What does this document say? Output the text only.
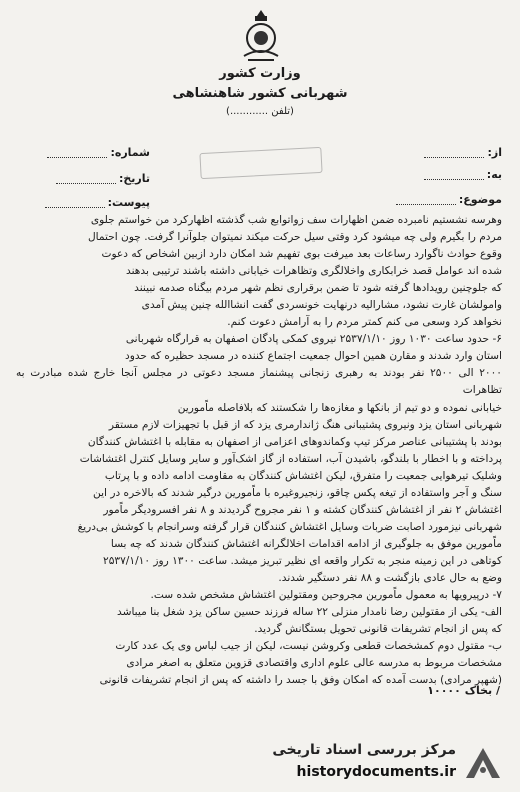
وزارت کشور
شهربانی کشور شاهنشاهی
(تلفن ............)
از:
به:
موضوع:
شماره:
تاریخ:
پیوست:

وهرسه نشستیم نامبرده ضمن اظهارات سف زواتوابع شب گذشته اظهارکرد من خواستم جلوی

مردم را بگیرم ولی چه میشود کرد وقتی سیل حرکت میکند نمیتوان جلوآنرا گرفت. چون احتمال

وقوع حوادث ناگوارد رساعات بعد میرفت بوی تفهیم شد امکان دارد ازبین اشخاص که دعوت

شده اند عوامل قصد خرابکاری واخلالگری وتظاهرات خیابانی داشته باشند ترتیبی بدهند

که جلوچنین رویدادها گرفته شود تا ضمن برقراری نظم شهر مردم بیگناه صدمه نبینند

وامولشان غارت نشود، مشارالیه درنهایت خونسردی گفت انشاالله چنین پیش آمدی

نخواهد کرد وسعی می کنم کمتر مردم را به آرامش دعوت کنم.

۶- حدود ساعت ۱۰۳۰ روز ۲۵۳۷/۱/۱۰ نیروی کمکی پادگان اصفهان به قرارگاه شهربانی

استان وارد شدند و مقارن همین احوال جمعیت اجتماع کننده در مسجد حظیره که حدود

۲۰۰۰ الی ۲۵۰۰ نفر بودند به رهبری زنجانی پیشنماز مسجد دعوتی در مجلس آنجا خارج شده مبادرت به تظاهرات

خیابانی نموده و دو تیم از بانکها و مغازه‌ها را شکستند که بلافاصله ماًمورین

شهربانی استان یزد ونیروی پشتیبانی هنگ ژاندارمری یزد که از قبل با تجهیزات لازم مستقر

بودند با پشتیبانی عناصر مرکز تیپ وکماندوهای اعزامی از اصفهان به مقابله با اغتشاش کنندگان

پرداخته و با اخطار با بلندگو، باشیدن آب، استفاده از گاز اشک‌آور و سایر وسایل کنترل اغتشاشات

وشلیک تیرهوایی جمعیت را متفرق، لیکن اغتشاش کنندگان به مقاومت ادامه داده و با پرتاب

سنگ و آجر واستفاده از تیغه پکس چاقو، زنجیروغیره با ماًمورین درگیر شدند که بالاخره در این

اغتشاش ۲ نفر از اغتشاش کنندگان کشته و ۱ نفر مجروح گردیدند و ۸ نفر افسرودیگر ماًمور

شهربانی نیزمورد اصابت ضربات وسایل اغتشاش کنندگان قرار گرفته وسرانجام با کوشش بی‌دریغ

ماًمورین موفق به جلوگیری از ادامه اقدامات اخلالگرانه اغتشاش کنندگان شدند که چه بسا

کوتاهی در این زمینه منجر به تکرار واقعه ای نظیر تبریز میشد. ساعت ۱۳۰۰ روز ۲۵۳۷/۱/۱۰

وضع به حال عادی بازگشت و ۸۸ نفر دستگیر شدند.

۷- درپیرویها به معمول ماًمورین مجروحین ومقتولین اغتشاش مشخص شده ست.

الف- یکی از مقتولین رضا نامدار منزلی ۲۲ ساله فرزند حسین ساکن یزد شغل بنا میباشد

که پس از انجام تشریفات قانونی تحویل بستگانش گردید.

ب- مقتول دوم کمشخصات قطعی وکروشن نیست، لیکن از جیب لباس وی یک عدد کارت

مشخصات مربوط به مدرسه عالی علوم اداری واقتصادی قزوین متعلق به اصغر مرادی

(شهپر مرادی) بدست آمده که امکان وفق با جسد را داشته که پس از انجام تشریفات قانونی

/ بخاک ۱۰۰۰۰
مرکز بررسی اسناد تاریخی
historydocuments.ir
